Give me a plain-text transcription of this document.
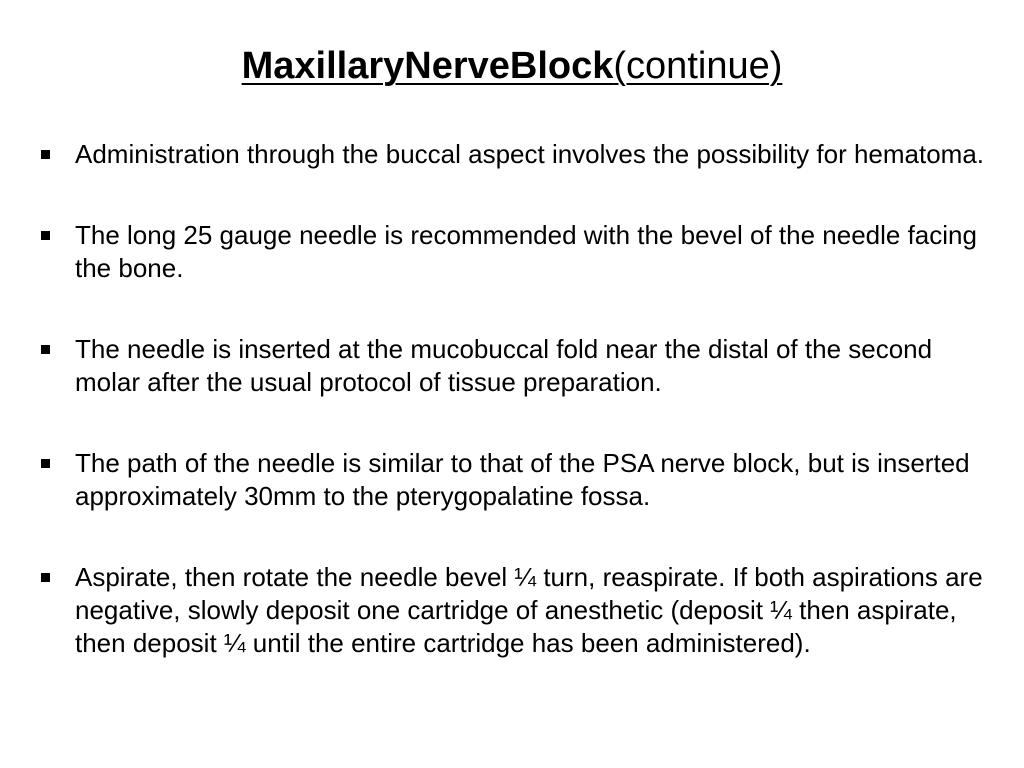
MaxillaryNerveBlock(continue)
Administration through the buccal aspect involves the possibility for hematoma.
The long 25 gauge needle is recommended with the bevel of the needle facing the bone.
The needle is inserted at the mucobuccal fold near the distal of the second molar after the usual protocol of tissue preparation.
The path of the needle is similar to that of the PSA nerve block, but is inserted approximately 30mm to the pterygopalatine fossa.
Aspirate, then rotate the needle bevel ¼ turn, reaspirate. If both aspirations are negative, slowly deposit one cartridge of anesthetic (deposit ¼ then aspirate, then deposit ¼ until the entire cartridge has been administered).
